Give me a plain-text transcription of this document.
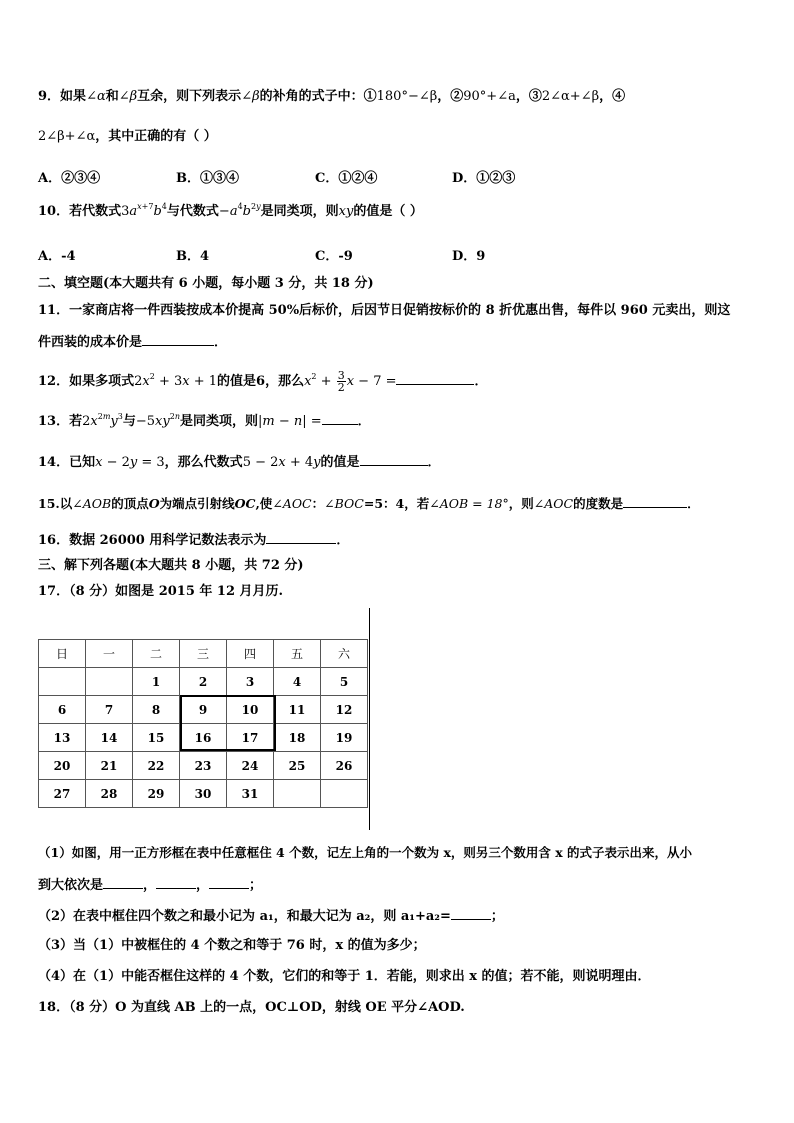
9．如果∠α和∠β互余，则下列表示∠β的补角的式子中：①180°−∠β，②90°+∠a，③2∠α+∠β，④
2∠β+∠α，其中正确的有（ ）
A．②③④	B．①③④	C．①②④	D．①②③
10．若代数式$3a^{x+7}b^4$与代数式$-a^4b^{2y}$是同类项，则xy的值是（ ）
A．-4	B．4	C．-9	D．9
二、填空题(本大题共有 6 小题，每小题 3 分，共 18 分)
11．一家商店将一件西装按成本价提高 50%后标价，后因节日促销按标价的 8 折优惠出售，每件以 960 元卖出，则这
件西装的成本价是	．
12．如果多项式$2x^2 + 3x + 1$的值是6，那么$x^2 + \frac{3}{2}$ x − 7 =	．
13．若$2x^{2m}y^3$与$-5xy^{2n}$是同类项，则|m − n| =	．
14．已知x − 2y = 3，那么代数式5 − 2x + 4y的值是	．
15.以∠AOB的顶点O为端点引射线OC,使∠AOC：∠BOC=5：4，若∠AOB = 18°，则∠AOC的度数是	．
16．数据 26000 用科学记数法表示为	．
三、解下列各题(本大题共 8 小题，共 72 分)
17．（8 分）如图是 2015 年 12 月月历.
日	一	二	三	四	五	六
		1	2	3	4	5
6	7	8	9	10	11	12
13	14	15	16	17	18	19
20	21	22	23	24	25	26
27	28	29	30	31		
（1）如图，用一正方形框在表中任意框住 4 个数，记左上角的一个数为 x，则另三个数用含 x 的式子表示出来，从小
到大依次是	，	，	；
（2）在表中框住四个数之和最小记为 a₁，和最大记为 a₂，则 a₁+a₂=	；
（3）当（1）中被框住的 4 个数之和等于 76 时，x 的值为多少；
（4）在（1）中能否框住这样的 4 个数，它们的和等于 1．若能，则求出 x 的值；若不能，则说明理由．
18．（8 分）O 为直线 AB 上的一点，OC⊥OD，射线 OE 平分∠AOD.
